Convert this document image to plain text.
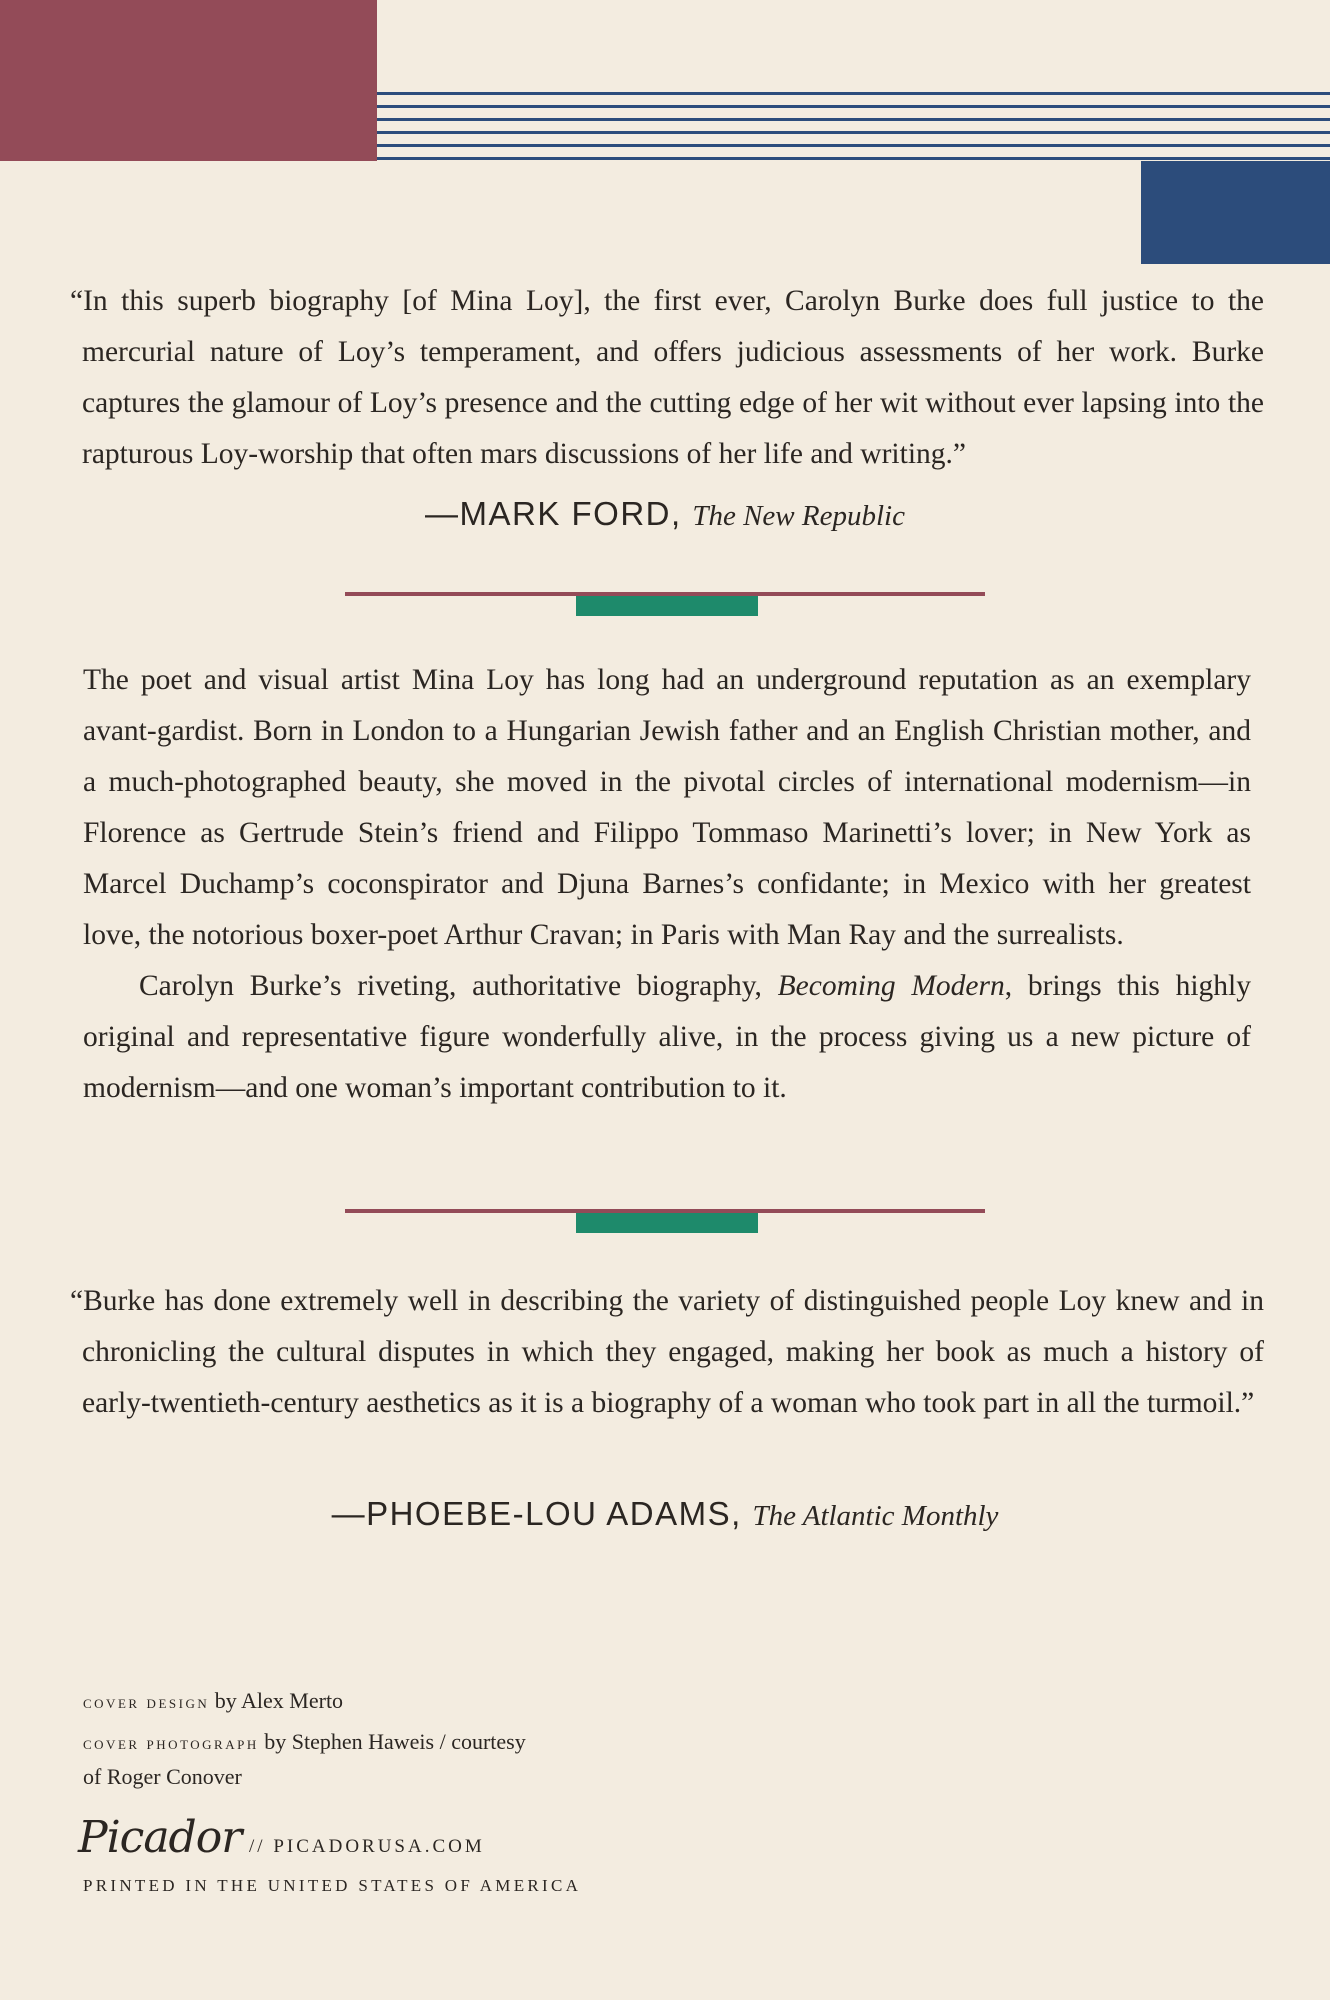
“In this superb biography [of Mina Loy], the first ever, Carolyn Burke does full justice to the mercurial nature of Loy’s temperament, and offers judicious assessments of her work. Burke captures the glamour of Loy’s presence and the cutting edge of her wit without ever lapsing into the rapturous Loy-worship that often mars discussions of her life and writing.”
—MARK FORD, The New Republic

The poet and visual artist Mina Loy has long had an underground reputation as an exemplary avant-gardist. Born in London to a Hungarian Jewish father and an English Christian mother, and a much-photographed beauty, she moved in the pivotal circles of international modernism—in Florence as Gertrude Stein’s friend and Filippo Tommaso Marinetti’s lover; in New York as Marcel Duchamp’s coconspirator and Djuna Barnes’s confidante; in Mexico with her greatest love, the notorious boxer-poet Arthur Cravan; in Paris with Man Ray and the surrealists.

Carolyn Burke’s riveting, authoritative biography, Becoming Modern, brings this highly original and representative figure wonderfully alive, in the process giving us a new picture of modernism—and one woman’s important contribution to it.

“Burke has done extremely well in describing the variety of distinguished people Loy knew and in chronicling the cultural disputes in which they engaged, making her book as much a history of early-twentieth-century aesthetics as it is a biography of a woman who took part in all the turmoil.”
—PHOEBE-LOU ADAMS, The Atlantic Monthly
cover design by Alex Merto
cover photograph by Stephen Haweis / courtesy
of Roger Conover
Picador // PICADORUSA.COM
PRINTED IN THE UNITED STATES OF AMERICA
